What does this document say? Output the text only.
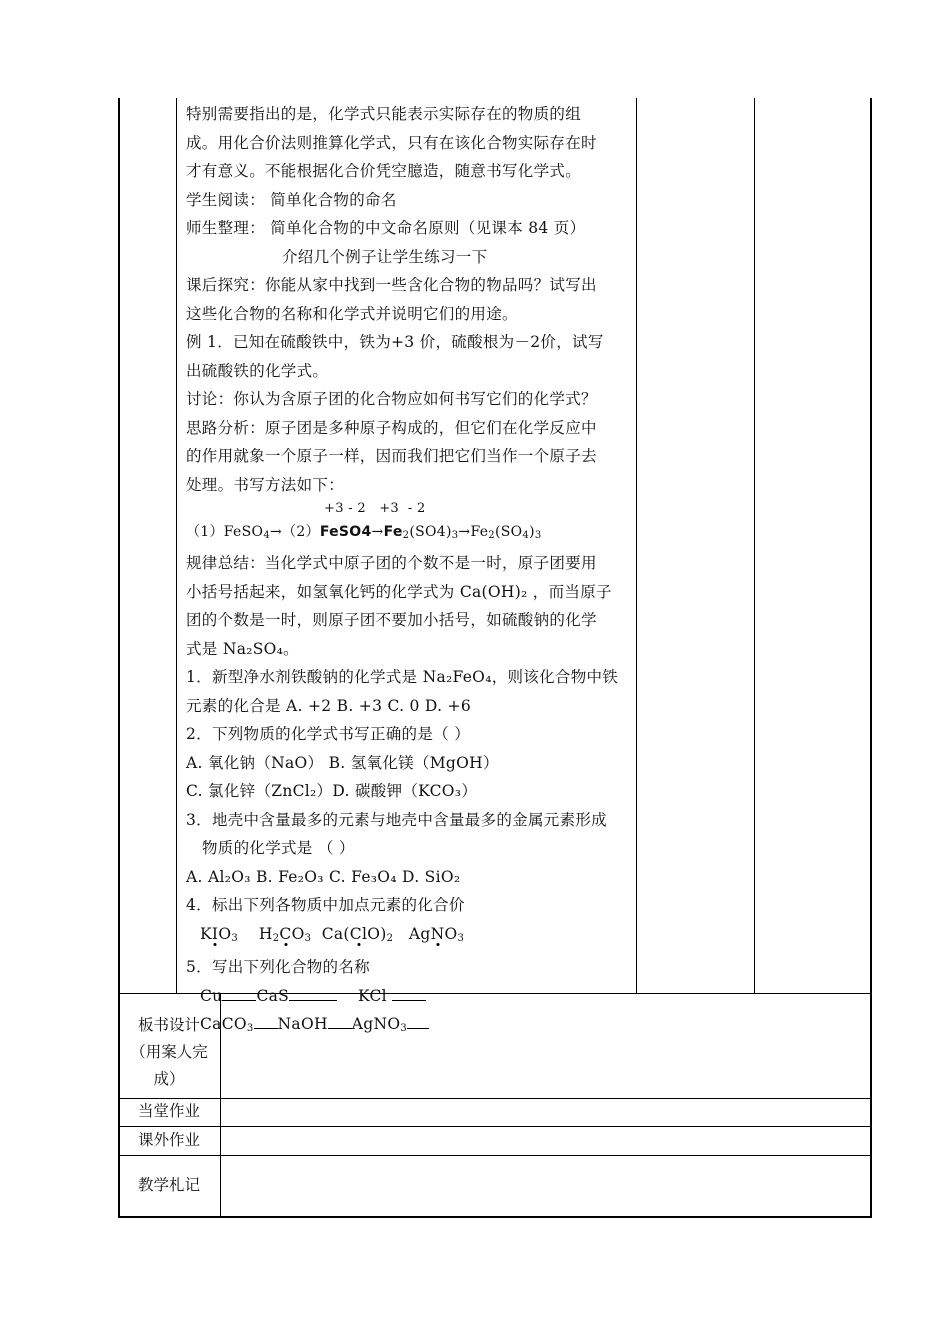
特别需要指出的是，化学式只能表示实际存在的物质的组

成。用化合价法则推算化学式，只有在该化合物实际存在时

才有意义。不能根据化合价凭空臆造，随意书写化学式。

学生阅读： 简单化合物的命名

师生整理： 简单化合物的中文命名原则（见课本 84 页）

介绍几个例子让学生练习一下

课后探究：你能从家中找到一些含化合物的物品吗？试写出

这些化合物的名称和化学式并说明它们的用途。

例 1．已知在硫酸铁中，铁为+3 价，硫酸根为－2价，试写

出硫酸铁的化学式。

讨论：你认为含原子团的化合物应如何书写它们的化学式？

思路分析：原子团是多种原子构成的，但它们在化学反应中

的作用就象一个原子一样，因而我们把它们当作一个原子去

处理。书写方法如下：

+3 - 2   +3  - 2
$(1)FeSO_4\to(2)FeSO4\to Fe_2(SO4)_3\to Fe_2(SO_4)_3$

规律总结：当化学式中原子团的个数不是一时，原子团要用

小括号括起来，如氢氧化钙的化学式为 Ca(OH)₂ ，而当原子

团的个数是一时，则原子团不要加小括号，如硫酸钠的化学

式是 Na₂SO₄。

1．新型净水剂铁酸钠的化学式是 Na₂FeO₄，则该化合物中铁

元素的化合是 A. +2 B. +3 C. 0 D. +6

2．下列物质的化学式书写正确的是（ ）

A. 氧化钠（NaO） B. 氢氧化镁（MgOH）

C. 氯化锌（ZnCl₂）D. 碳酸钾（KCO₃）

3．地壳中含量最多的元素与地壳中含量最多的金属元素形成

物质的化学式是 （ ）

A. Al₂O₃ B. Fe₂O₃ C. Fe₃O₄ D. SiO₂

4．标出下列各物质中加点元素的化合价

$KIO_3$    $H_2CO_3$  $Ca(ClO)_2$   AgNO$_3$

5．写出下列化合物的名称

Cu CaS	KCl

CaCO$_3$ NaOH AgNO$_3$

板书设计
（用案人完
成）
当堂作业
课外作业
教学札记
